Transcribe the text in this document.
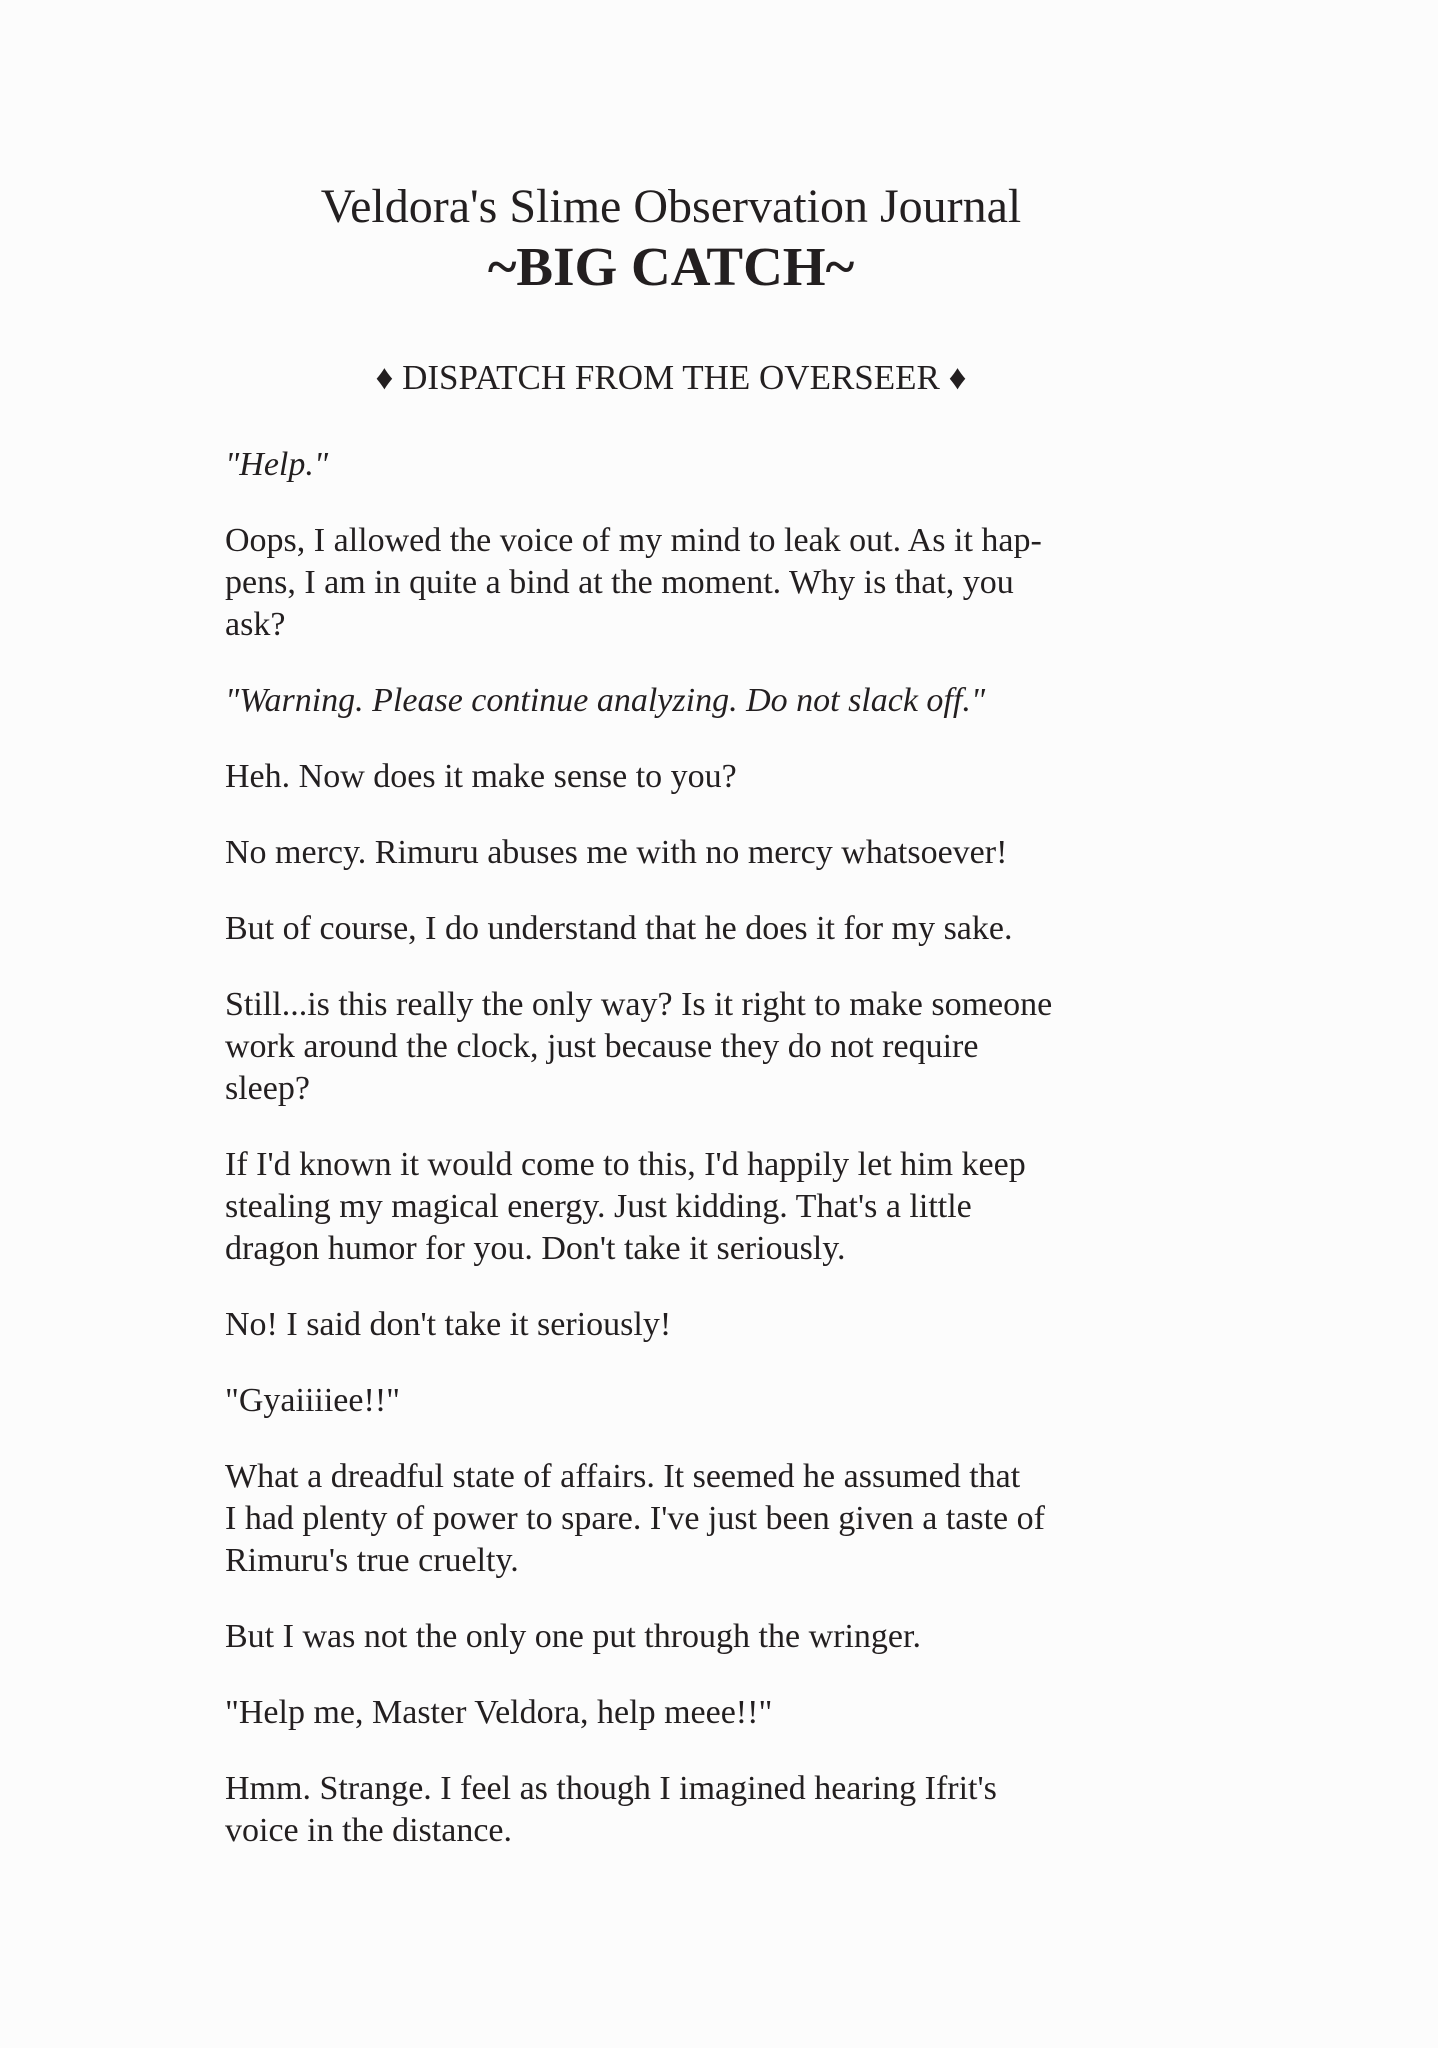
Veldora's Slime Observation Journal
~BIG CATCH~
♦ DISPATCH FROM THE OVERSEER ♦

"Help."

Oops, I allowed the voice of my mind to leak out. As it hap-
pens, I am in quite a bind at the moment. Why is that, you
ask?

"Warning. Please continue analyzing. Do not slack off."

Heh. Now does it make sense to you?

No mercy. Rimuru abuses me with no mercy whatsoever!

But of course, I do understand that he does it for my sake.

Still...is this really the only way? Is it right to make someone
work around the clock, just because they do not require
sleep?

If I'd known it would come to this, I'd happily let him keep
stealing my magical energy. Just kidding. That's a little
dragon humor for you. Don't take it seriously.

No! I said don't take it seriously!

"Gyaiiiiee!!"

What a dreadful state of affairs. It seemed he assumed that
I had plenty of power to spare. I've just been given a taste of
Rimuru's true cruelty.

But I was not the only one put through the wringer.

"Help me, Master Veldora, help meee!!"

Hmm. Strange. I feel as though I imagined hearing Ifrit's
voice in the distance.
